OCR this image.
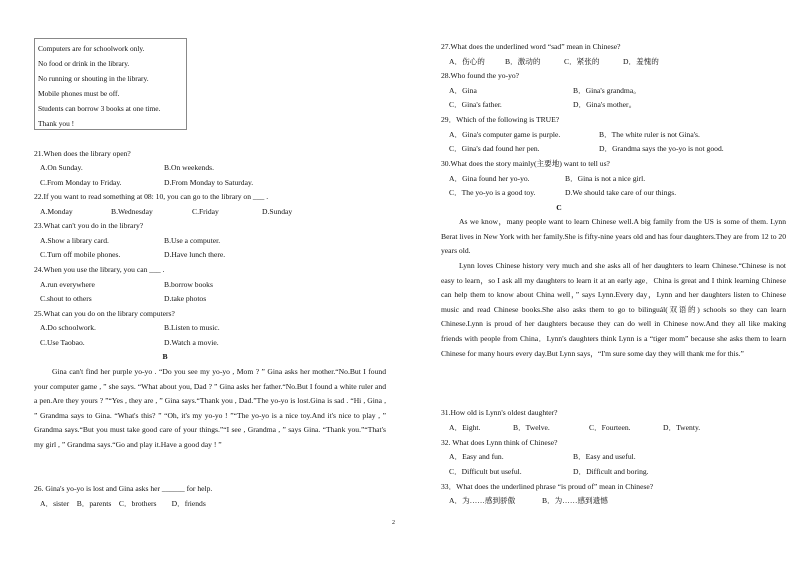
Computers are for schoolwork only.
No food or drink in the library.
No running or shouting in the library.
Mobile phones must be off.
Students can borrow 3 books at one time.
Thank you !
21.When does the library open?
A.On Sunday.	B.On weekends.
C.From Monday to Friday.	D.From Monday to Saturday.
22.If you want to read something at 08: 10, you can go to the library on ___ .
A.Monday	B.Wednesday	C.Friday	D.Sunday
23.What can't you do in the library?
A.Show a library card.	B.Use a computer.
C.Turn off mobile phones.	D.Have lunch there.
24.When you use the library, you can ___ .
A.run everywhere	B.borrow books
C.shout to others	D.take photos
25.What can you do on the library computers?
A.Do schoolwork.	B.Listen to music.
C.Use Taobao.	D.Watch a movie.
B
Gina can't find her purple yo-yo . “Do you see my yo-yo , Mom ? ” Gina asks her mother.“No.But I found your computer game , ” she says. “What about you, Dad ? ” Gina asks her father.“No.But I found a white ruler and a pen.Are they yours ? ”“Yes , they are , ” Gina says.“Thank you , Dad.”The yo-yo is lost.Gina is sad . “Hi , Gina , ” Grandma says to Gina. “What's this? ” “Oh, it's my yo-yo ! ”“The yo-yo is a nice toy.And it's nice to play , ” Grandma says.“But you must take good care of your things.”“I see , Grandma , ” says Gina. “Thank you.”“That's my girl , ” Grandma says.“Go and play it.Have a good day ! ”
26. Gina's yo-yo is lost and Gina asks her ______ for help.
A．sister　B．parents　C．brothers　　D．friends
27.What does the underlined word “sad” mean in Chinese?
A．伤心的	B．激动的	C．紧张的	D．羞愧的
28.Who found the yo-yo?
A．Gina	B．Gina's grandma。
C．Gina's father.	D．Gina's mother。
29．Which of the following is TRUE?
A．Gina's computer game is purple.	B．The white ruler is not Gina's.
C．Gina's dad found her pen.	D．Grandma says the yo-yo is not good.
30.What does the story mainly(主要地) want to tell us?
A．Gina found her yo-yo.	B．Gina is not a nice girl.
C．The yo-yo is a good toy.	D.We should take care of our things.
C
As we know，many people want to learn Chinese well.A big family from the US is some of them. Lynn Berat lives in New York with her family.She is fifty-nine years old and has four daughters.They are from 12 to 20 years old.
Lynn loves Chinese history very much and she asks all of her daughters to learn Chinese.“Chinese is not easy to learn，so I ask all my daughters to learn it at an early age．China is great and I think learning Chinese can help them to know about China well，” says Lynn.Every day，Lynn and her daughters listen to Chinese music and read Chinese books.She also asks them to go to bilinguál(双语的) schools so they can learn Chinese.Lynn is proud of her daughters because they can do well in Chinese now.And they all like making friends with people from China．Lynn's daughters think Lynn is a “tiger mom” because she asks them to learn Chinese for many hours every day.But Lynn says，“I'm sure some day they will thank me for this.”
31.How old is Lynn's oldest daughter?
A．Eight.	B．Twelve.	C．Fourteen.	D．Twenty.
32. What does Lynn think of Chinese?
A．Easy and fun.	B．Easy and useful.
C．Difficult but useful.	D．Difficult and boring.
33．What does the underlined phrase “is proud of” mean in Chinese?
A．为……感到骄傲	B．为……感到遗憾
2
